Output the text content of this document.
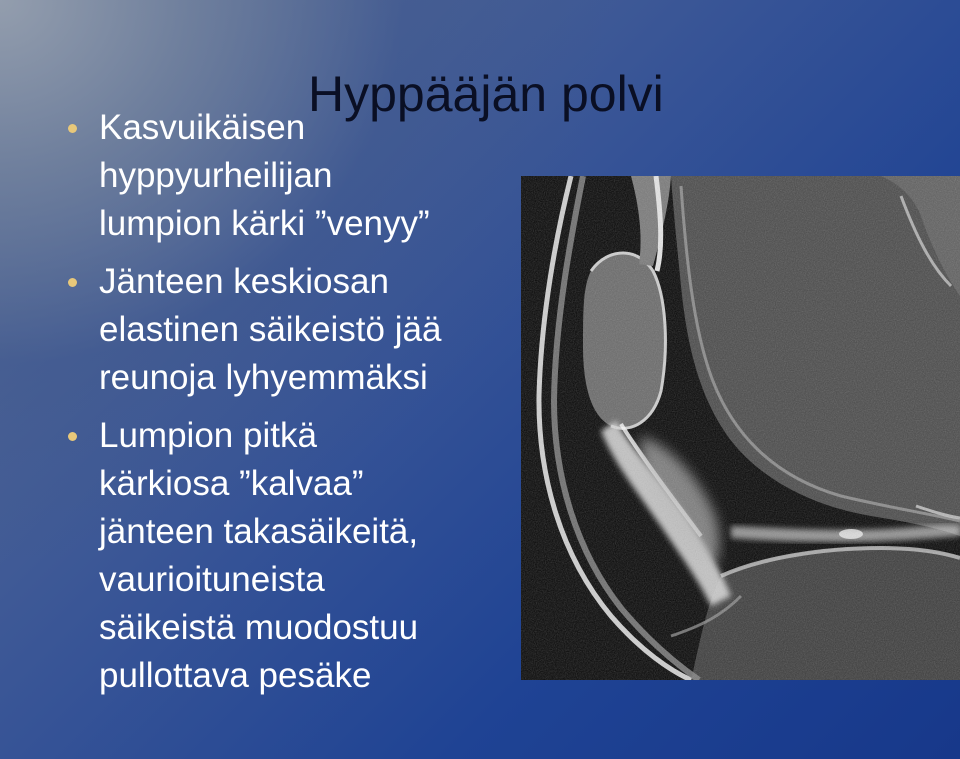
Hyppääjän polvi
Kasvuikäisen
hyppyurheilijan
lumpion kärki ”venyy”
Jänteen keskiosan
elastinen säikeistö jää
reunoja lyhyemmäksi
Lumpion pitkä
kärkiosa ”kalvaa”
jänteen takasäikeitä,
vaurioituneista
säikeistä muodostuu
pullottava pesäke
